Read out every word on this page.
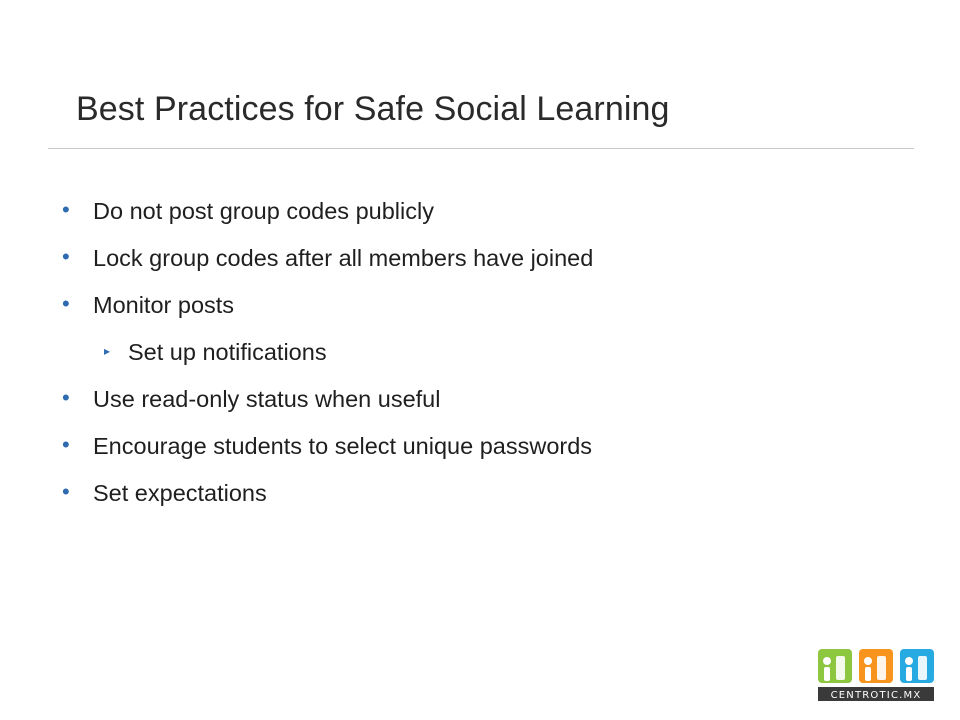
Best Practices for Safe Social Learning
• Do not post group codes publicly
• Lock group codes after all members have joined
• Monitor posts
▸ Set up notifications
• Use read-only status when useful
• Encourage students to select unique passwords
• Set expectations
CENTROTIC.MX
